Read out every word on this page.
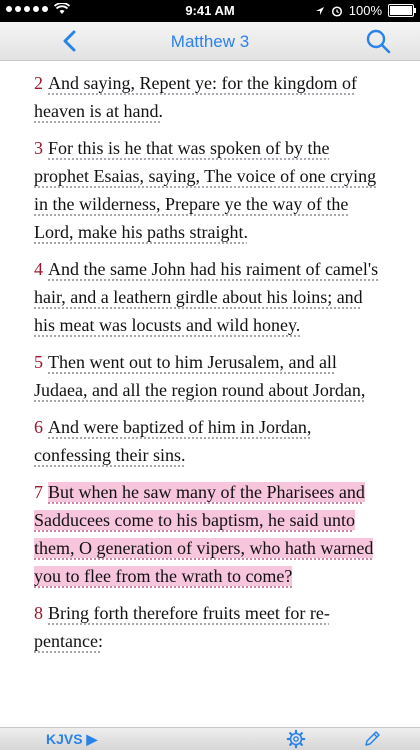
9:41 AM	100%
Matthew 3
2 And saying, Repent ye: for the kingdom of heaven is at hand.
3 For this is he that was spoken of by the prophet Esaias, saying, The voice of one crying in the wilderness, Prepare ye the way of the Lord, make his paths straight.
4 And the same John had his raiment of camel's hair, and a leathern girdle about his loins; and his meat was locusts and wild honey.
5 Then went out to him Jerusalem, and all Judaea, and all the region round about Jordan,
6 And were baptized of him in Jordan, confessing their sins.
7 But when he saw many of the Pharisees and Sadducees come to his baptism, he said unto them, O generation of vipers, who hath warned you to flee from the wrath to come?
8 Bring forth therefore fruits meet for re-pentance:
KJVS ▶
